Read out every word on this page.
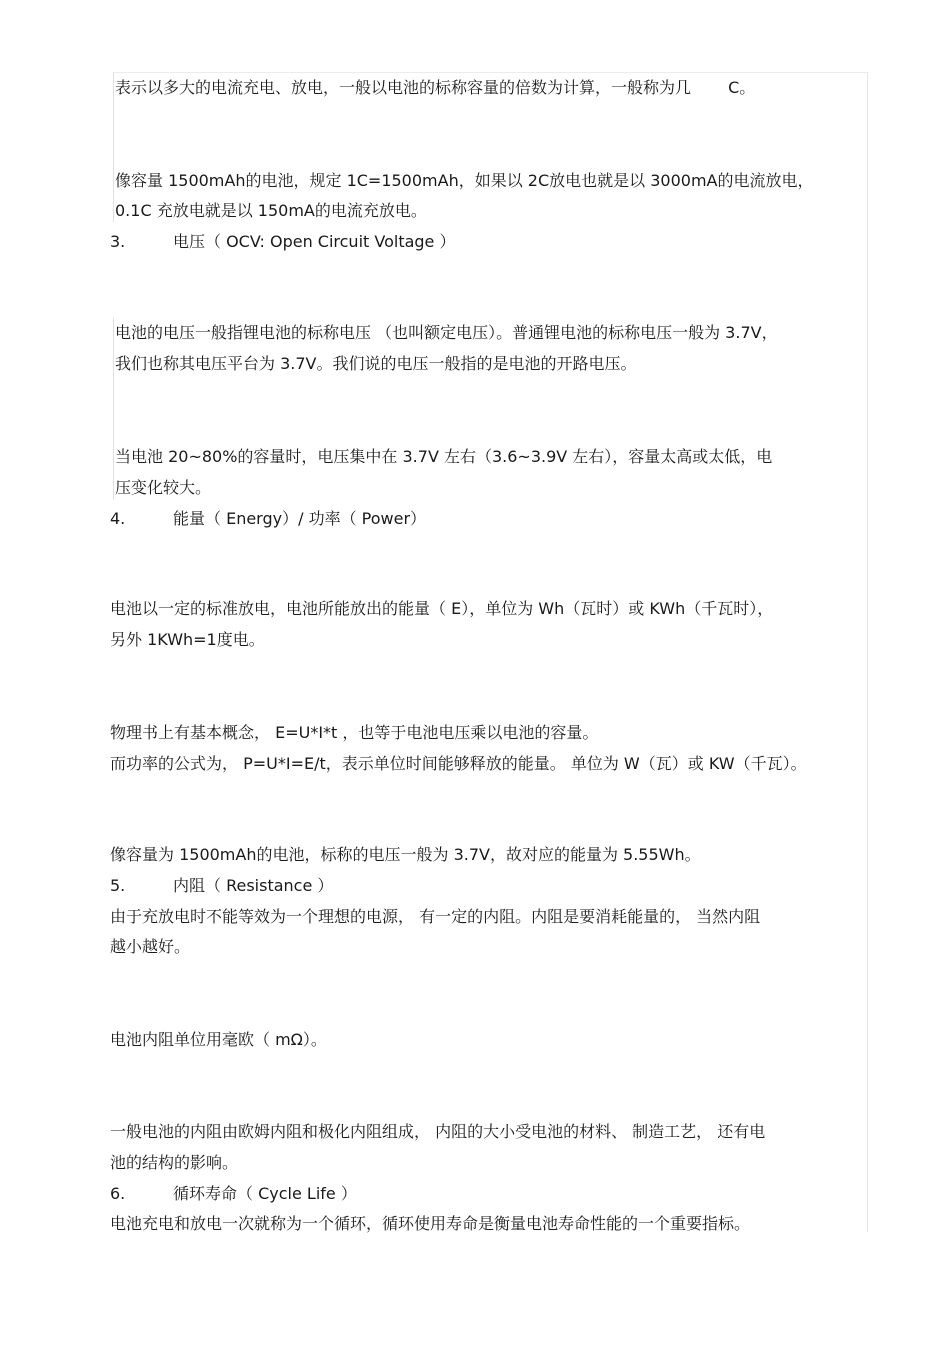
表示以多大的电流充电、放电，一般以电池的标称容量的倍数为计算，一般称为几　　 C。
像容量 1500mAh的电池，规定 1C=1500mAh，如果以 2C放电也就是以 3000mA的电流放电，
0.1C 充放电就是以 150mA的电流充放电。
3.	电压（ OCV: Open Circuit Voltage ）
电池的电压一般指锂电池的标称电压 （也叫额定电压）。普通锂电池的标称电压一般为 3.7V，
我们也称其电压平台为 3.7V。我们说的电压一般指的是电池的开路电压。
当电池 20~80%的容量时，电压集中在 3.7V 左右（3.6~3.9V 左右），容量太高或太低，电
压变化较大。
4.	能量（ Energy）/ 功率（ Power）
电池以一定的标准放电，电池所能放出的能量（ E），单位为 Wh（瓦时）或 KWh（千瓦时），
另外 1KWh=1度电。
物理书上有基本概念， E=U*I*t ，也等于电池电压乘以电池的容量。
而功率的公式为， P=U*I=E/t，表示单位时间能够释放的能量。 单位为 W（瓦）或 KW（千瓦）。
像容量为 1500mAh的电池，标称的电压一般为 3.7V，故对应的能量为 5.55Wh。
5.	内阻（ Resistance ）
由于充放电时不能等效为一个理想的电源， 有一定的内阻。内阻是要消耗能量的， 当然内阻
越小越好。
电池内阻单位用毫欧（ mΩ）。
一般电池的内阻由欧姆内阻和极化内阻组成， 内阻的大小受电池的材料、 制造工艺， 还有电
池的结构的影响。
6.	循环寿命（ Cycle Life ）
电池充电和放电一次就称为一个循环，循环使用寿命是衡量电池寿命性能的一个重要指标。
